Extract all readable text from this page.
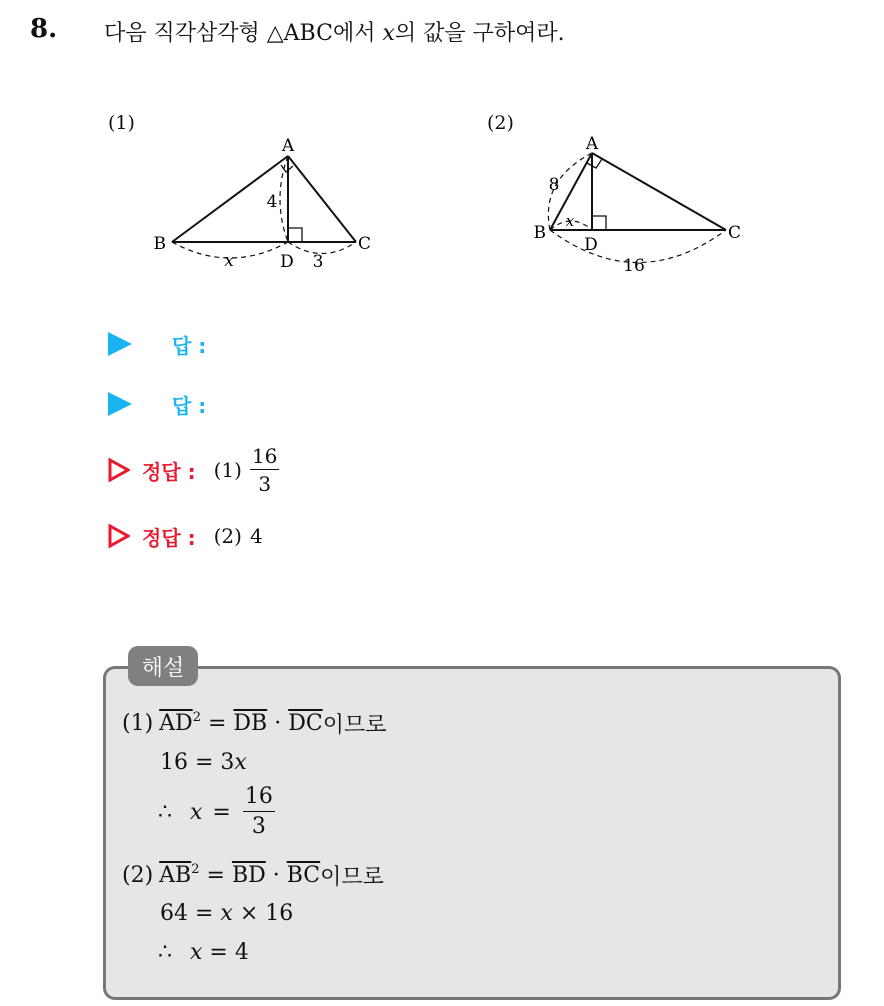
8. 다음 직각삼각형 △ABC에서 x의 값을 구하여라.
(1)
A
B	C
D
4
x	3
(2)
A
B	C
D
8
x
16
답 :
답 :
정답 : $(1) \frac{16}{3}$
정답 : (2) 4
해설
(1) $\overline{AD}^2 = \overline{DB} \cdot \overline{DC}$ 이므로
16 = 3 x
∴ $x = \frac{16}{3}$
(2) $\overline{AB}^2 = \overline{BD} \cdot \overline{BC}$ 이므로
64 = x × 16
∴ x = 4
